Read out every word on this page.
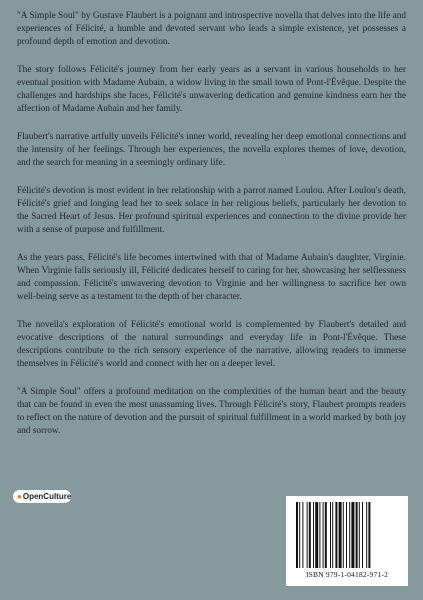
"A Simple Soul" by Gustave Flaubert is a poignant and introspective novella that delves into the life and experiences of Félicité, a humble and devoted servant who leads a simple existence, yet possesses a profound depth of emotion and devotion.

The story follows Félicité's journey from her early years as a servant in various households to her eventual position with Madame Aubain, a widow living in the small town of Pont-l'Évêque. Despite the challenges and hardships she faces, Félicité's unwavering dedication and genuine kindness earn her the affection of Madame Aubain and her family.

Flaubert's narrative artfully unveils Félicité's inner world, revealing her deep emotional connections and the intensity of her feelings. Through her experiences, the novella explores themes of love, devotion, and the search for meaning in a seemingly ordinary life.

Félicité's devotion is most evident in her relationship with a parrot named Loulou. After Loulou's death, Félicité's grief and longing lead her to seek solace in her religious beliefs, particularly her devotion to the Sacred Heart of Jesus. Her profound spiritual experiences and connection to the divine provide her with a sense of purpose and fulfillment.

As the years pass, Félicité's life becomes intertwined with that of Madame Aubain's daughter, Virginie. When Virginie falls seriously ill, Félicité dedicates herself to caring for her, showcasing her selflessness and compassion. Félicité's unwavering devotion to Virginie and her willingness to sacrifice her own well-being serve as a testament to the depth of her character.

The novella's exploration of Félicité's emotional world is complemented by Flaubert's detailed and evocative descriptions of the natural surroundings and everyday life in Pont-l'Évêque. These descriptions contribute to the rich sensory experience of the narrative, allowing readers to immerse themselves in Félicité's world and connect with her on a deeper level.

"A Simple Soul" offers a profound meditation on the complexities of the human heart and the beauty that can be found in even the most unassuming lives. Through Félicité's story, Flaubert prompts readers to reflect on the nature of devotion and the pursuit of spiritual fulfillment in a world marked by both joy and sorrow.

● OpenCulture
ISBN 979-1-04182-971-2
